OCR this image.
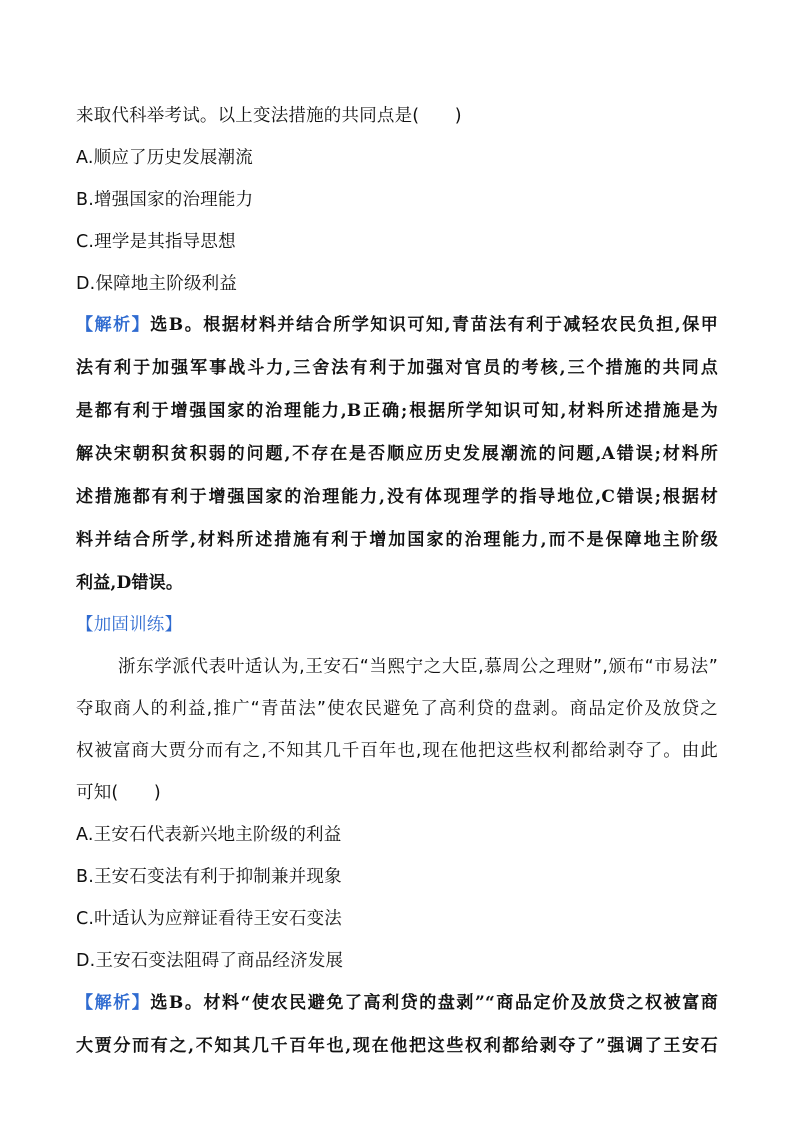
来取代科举考试。以上变法措施的共同点是(　　)
A.顺应了历史发展潮流
B.增强国家的治理能力
C.理学是其指导思想
D.保障地主阶级利益
【解析】选B。根据材料并结合所学知识可知,青苗法有利于减轻农民负担,保甲
法有利于加强军事战斗力,三舍法有利于加强对官员的考核,三个措施的共同点
是都有利于增强国家的治理能力,B正确;根据所学知识可知,材料所述措施是为
解决宋朝积贫积弱的问题,不存在是否顺应历史发展潮流的问题,A错误;材料所
述措施都有利于增强国家的治理能力,没有体现理学的指导地位,C错误;根据材
料并结合所学,材料所述措施有利于增加国家的治理能力,而不是保障地主阶级
利益,D错误。
【加固训练】
浙东学派代表叶适认为,王安石“当熙宁之大臣,慕周公之理财”,颁布“市易法”
夺取商人的利益,推广“青苗法”使农民避免了高利贷的盘剥。商品定价及放贷之
权被富商大贾分而有之,不知其几千百年也,现在他把这些权利都给剥夺了。由此
可知(　　)
A.王安石代表新兴地主阶级的利益
B.王安石变法有利于抑制兼并现象
C.叶适认为应辩证看待王安石变法
D.王安石变法阻碍了商品经济发展
【解析】选B。材料“使农民避免了高利贷的盘剥”“商品定价及放贷之权被富商
大贾分而有之,不知其几千百年也,现在他把这些权利都给剥夺了”强调了王安石
